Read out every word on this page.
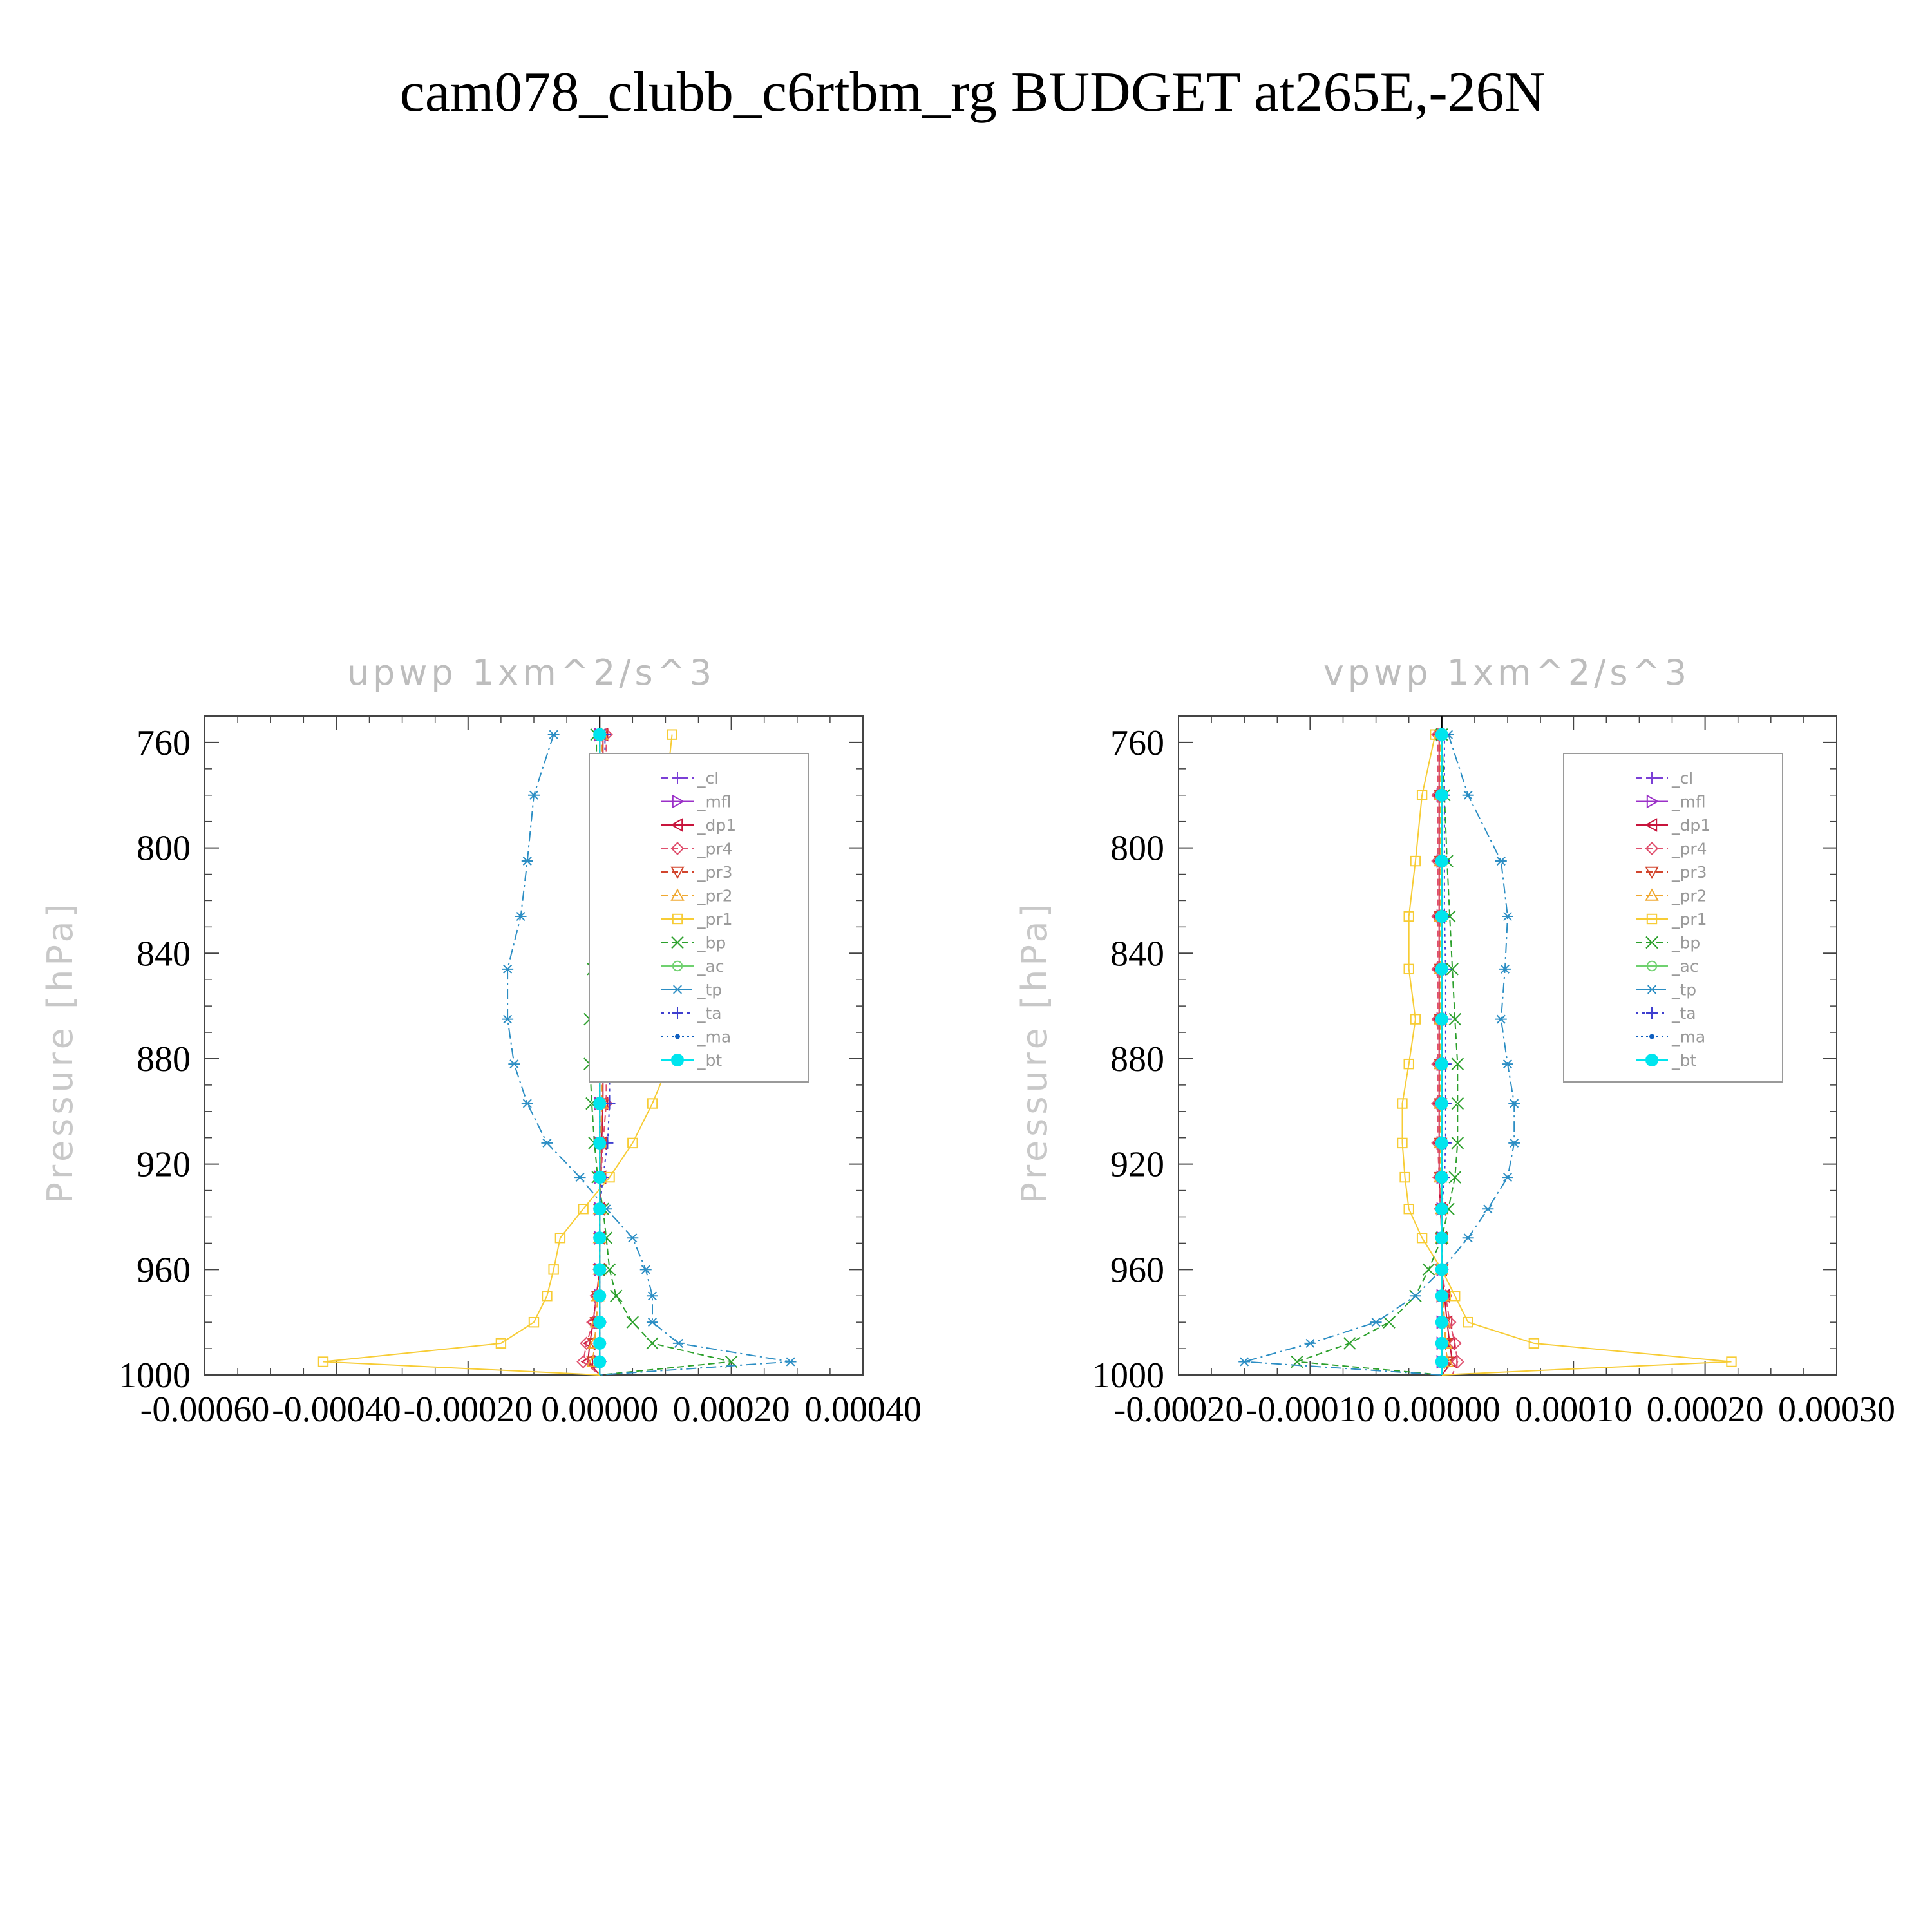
cam078_clubb_c6rtbm_rg BUDGET at265E,-26N
upwp 1xm^2/s^3
Pressure [hPa]
-0.00060 -0.00040 -0.00020 0.00000 0.00020 0.00040
760
800
840
880
920
960
1000
_cl
_mfl
_dp1
_pr4
_pr3
_pr2
_pr1
_bp
_ac
_tp
_ta
_ma
_bt
vpwp 1xm^2/s^3
Pressure [hPa]
-0.00020 -0.00010 0.00000 0.00010 0.00020 0.00030
760
800
840
880
920
960
1000
_cl
_mfl
_dp1
_pr4
_pr3
_pr2
_pr1
_bp
_ac
_tp
_ta
_ma
_bt
